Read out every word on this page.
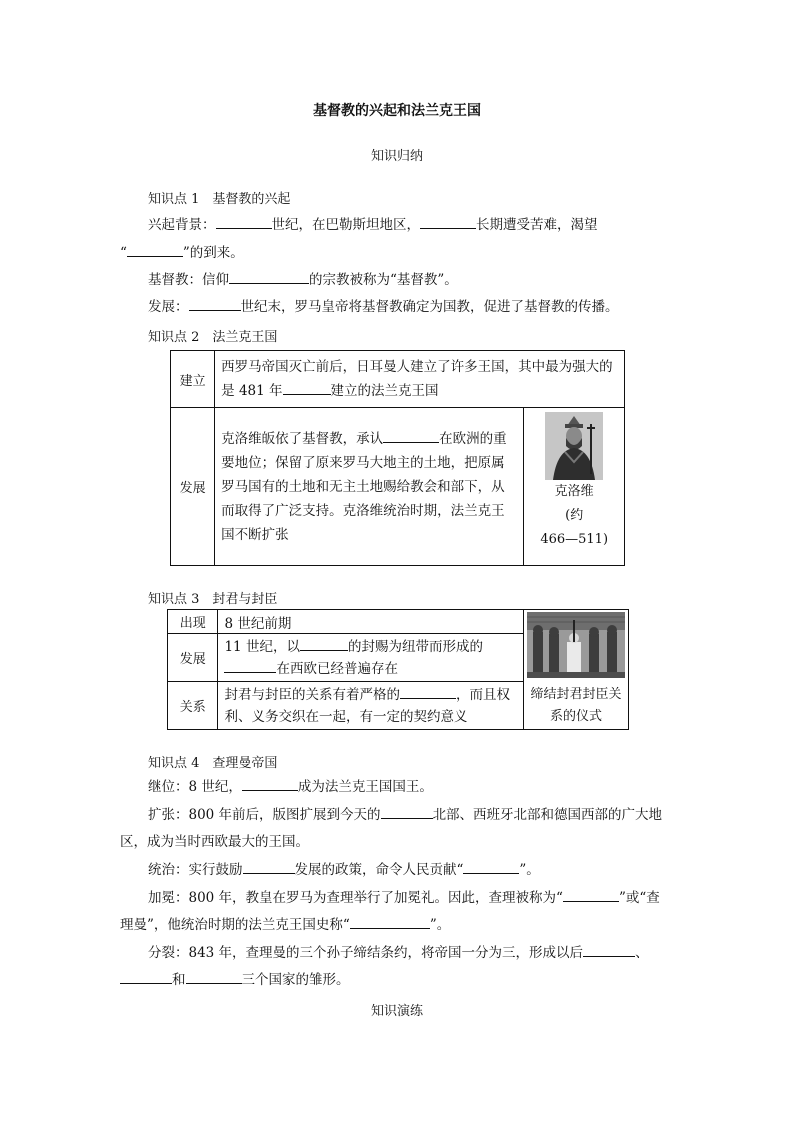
基督教的兴起和法兰克王国
知识归纳
知识点 1　基督教的兴起
兴起背景：	世纪，在巴勒斯坦地区，	长期遭受苦难，渴望
“	”的到来。
基督教：信仰	的宗教被称为“基督教”。
发展：	世纪末，罗马皇帝将基督教确定为国教，促进了基督教的传播。
知识点 2　法兰克王国
建立	西罗马帝国灭亡前后，日耳曼人建立了许多王国，其中最为强大的是 481 年 建立的法兰克王国	

发展	克洛维皈依了基督教，承认 在欧洲的重要地位；保留了原来罗马大地主的土地，把原属罗马国有的土地和无主土地赐给教会和部下，从而取得了广泛支持。克洛维统治时期，法兰克王国不断扩张	克洛维
(约
466—511)
知识点 3　封君与封臣
出现	8 世纪前期	缔结封君封臣关系的仪式

发展	11 世纪，以 的封赐为纽带而形成的在西欧已经普遍存在	

关系	封君与封臣的关系有着严格的 ，而且权利、义务交织在一起，有一定的契约意义	
知识点 4　查理曼帝国
继位：8 世纪，	成为法兰克王国国王。
扩张：800 年前后，版图扩展到今天的	北部、西班牙北部和德国西部的广大地
区，成为当时西欧最大的王国。
统治：实行鼓励	发展的政策，命令人民贡献“	”。
加冕：800 年，教皇在罗马为查理举行了加冕礼。因此，查理被称为“	”或“查
理曼”，他统治时期的法兰克王国史称“	”。
分裂：843 年，查理曼的三个孙子缔结条约，将帝国一分为三，形成以后	、
和	三个国家的雏形。
知识演练
